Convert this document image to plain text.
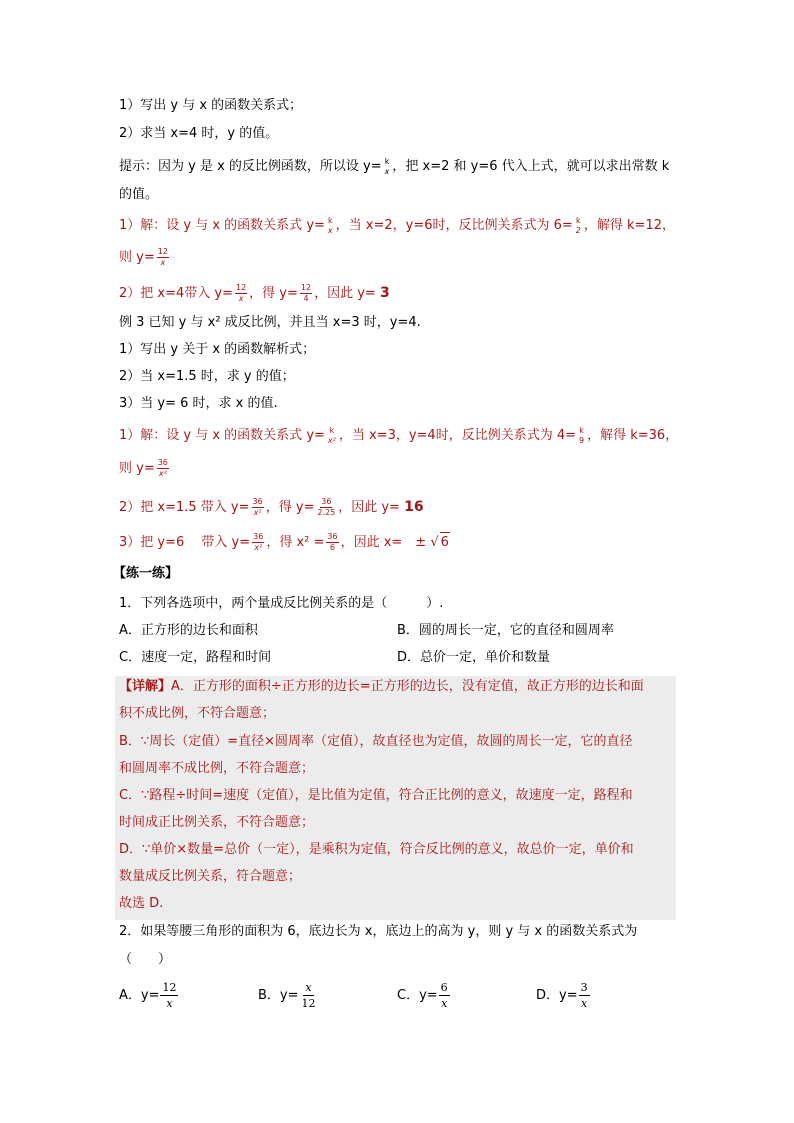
1）写出 y 与 x 的函数关系式；
2）求当 x=4 时，y 的值。
提示：因为 y 是 x 的反比例函数，所以设 y= k
x ，把 x=2 和 y=6 代入上式，就可以求出常数 k
的值。
1）解：设 y 与 x 的函数关系式 y= k
x ，当 x=2，y=6时，反比例关系式为 6= k
2 ，解得 k=12，
则 $y= \frac{12}{x}$
2）把 x=4带入 $y= \frac{12}{x}$ ，得 $y= \frac{12}{4}$ ，因此 y= 3
例 3 已知 y 与 x² 成反比例，并且当 x=3 时，y=4.
1）写出 y 关于 x 的函数解析式；
2）当 x=1.5 时，求 y 的值；
3）当 y= 6 时，求 x 的值.
1）解：设 y 与 x 的函数关系式 y= k
x² ，当 x=3，y=4时，反比例关系式为 4= k
9 ，解得 k=36，
则 $y= \frac{36}{\text{x²}}$
2）把 x=1.5 带入 $y= \frac{36}{\text{x²}}$ ，得 $y= \frac{36}{2.25}$ ，因此 y= 16
3）把 y=6　 带入 $y= \frac{36}{\text{x²}}$ ，得 $x^2 = \frac{36}{6}$ ，因此 x=　 ± √ 6
【练一练】
1．下列各选项中，两个量成反比例关系的是（　　　）.
A．正方形的边长和面积	B．圆的周长一定，它的直径和圆周率
C．速度一定，路程和时间	D．总价一定，单价和数量
【详解】A．正方形的面积÷正方形的边长=正方形的边长，没有定值，故正方形的边长和面
积不成比例，不符合题意；
B．∵周长（定值）=直径×圆周率（定值），故直径也为定值，故圆的周长一定，它的直径
和圆周率不成比例，不符合题意；
C．∵路程÷时间=速度（定值），是比值为定值，符合正比例的意义，故速度一定，路程和
时间成正比例关系，不符合题意；
D．∵单价×数量=总价（一定），是乘积为定值，符合反比例的意义，故总价一定，单价和
数量成反比例关系，符合题意；
故选 D.
2．如果等腰三角形的面积为 6，底边长为 x，底边上的高为 y，则 y 与 x 的函数关系式为
（　　）
A．$y= \frac{12}{x}$	B．$y= \frac{x}{12}$	C．$y= \frac{6}{x}$	D．$y= \frac{3}{x}$
